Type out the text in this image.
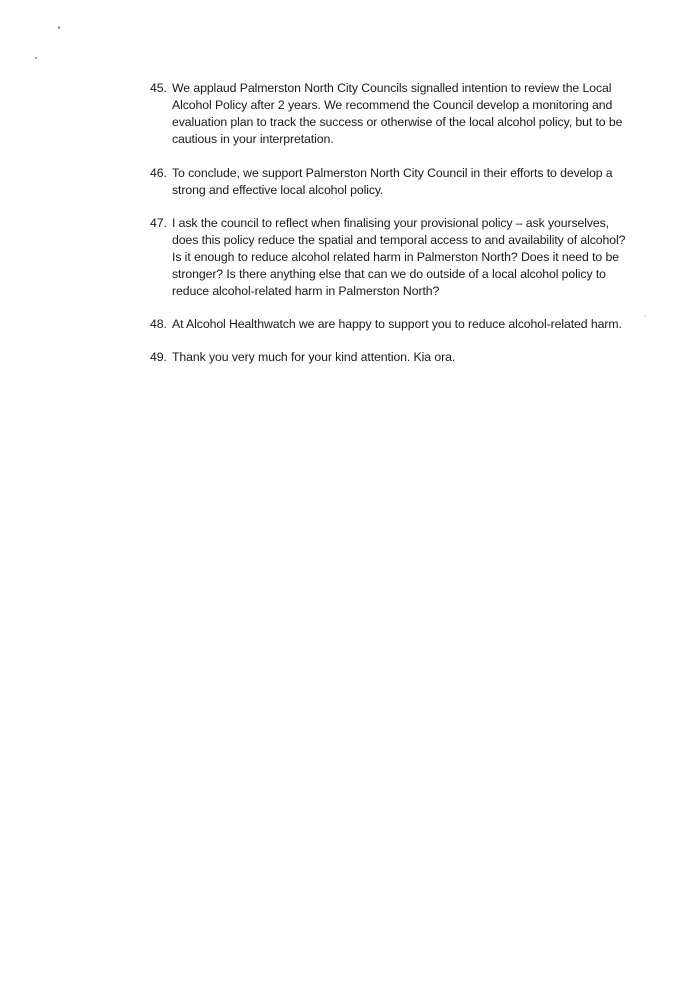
45. We applaud Palmerston North City Councils signalled intention to review the Local Alcohol Policy after 2 years. We recommend the Council develop a monitoring and evaluation plan to track the success or otherwise of the local alcohol policy, but to be cautious in your interpretation.
46. To conclude, we support Palmerston North City Council in their efforts to develop a strong and effective local alcohol policy.
47. I ask the council to reflect when finalising your provisional policy – ask yourselves, does this policy reduce the spatial and temporal access to and availability of alcohol? Is it enough to reduce alcohol related harm in Palmerston North? Does it need to be stronger? Is there anything else that can we do outside of a local alcohol policy to reduce alcohol-related harm in Palmerston North?
48. At Alcohol Healthwatch we are happy to support you to reduce alcohol-related harm.
49. Thank you very much for your kind attention. Kia ora.
